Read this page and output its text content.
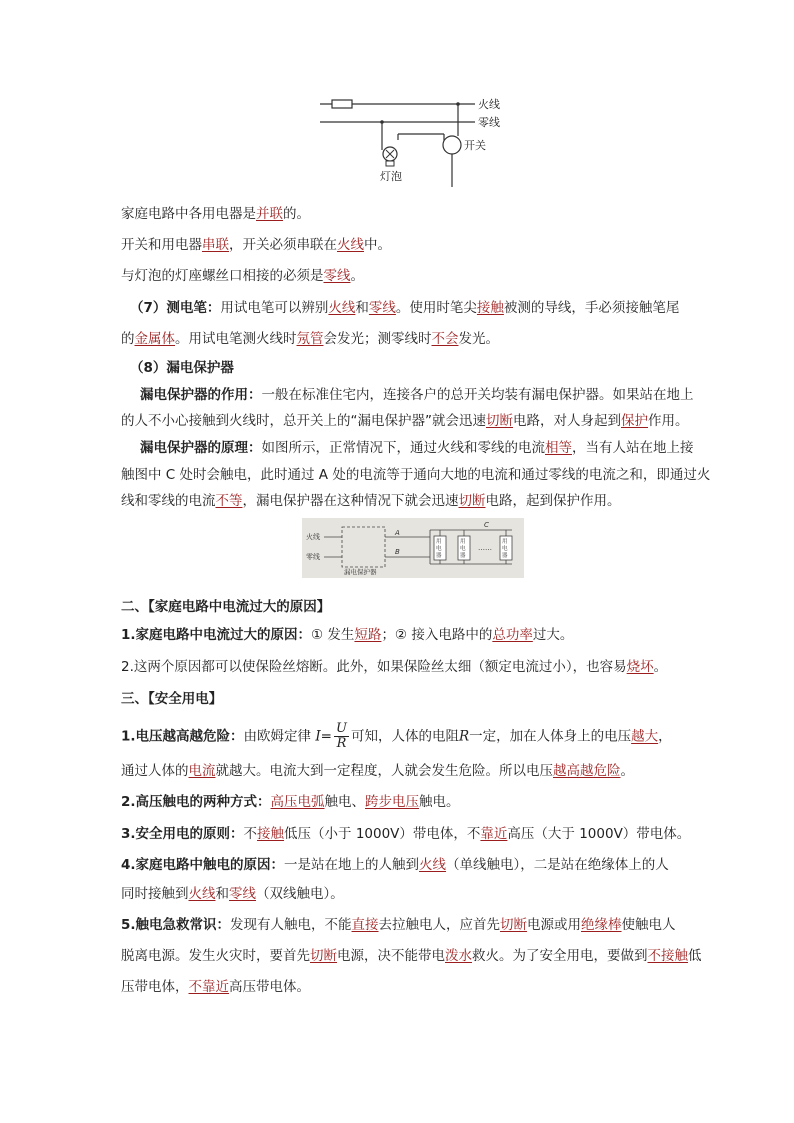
火线
零线
开关
灯泡
家庭电路中各用电器是并联的。
开关和用电器串联，开关必须串联在火线中。
与灯泡的灯座螺丝口相接的必须是零线。
（7）测电笔：用试电笔可以辨别火线和零线。使用时笔尖接触被测的导线，手必须接触笔尾
的金属体。用试电笔测火线时氖管会发光；测零线时不会发光。
（8）漏电保护器
漏电保护器的作用：一般在标准住宅内，连接各户的总开关均装有漏电保护器。如果站在地上
的人不小心接触到火线时，总开关上的“漏电保护器”就会迅速切断电路，对人身起到保护作用。
漏电保护器的原理：如图所示，正常情况下，通过火线和零线的电流相等，当有人站在地上接
触图中 C 处时会触电，此时通过 A 处的电流等于通向大地的电流和通过零线的电流之和，即通过火
线和零线的电流不等，漏电保护器在这种情况下就会迅速切断电路，起到保护作用。
火线
零线
漏电保护器
A
B
C
用
电
器
用
电
器
……
用
电
器
二、【家庭电路中电流过大的原因】
1.家庭电路中电流过大的原因：① 发生短路；② 接入电路中的总功率过大。
2.这两个原因都可以使保险丝熔断。此外，如果保险丝太细（额定电流过小），也容易烧坏。
三、【安全用电】
1.电压越高越危险：由欧姆定律 $I= \frac{U}{R}$ 可知，人体的电阻R一定，加在人体身上的电压越大，
通过人体的电流就越大。电流大到一定程度，人就会发生危险。所以电压越高越危险。
2.高压触电的两种方式：高压电弧触电、跨步电压触电。
3.安全用电的原则：不接触低压（小于 1000V）带电体，不靠近高压（大于 1000V）带电体。
4.家庭电路中触电的原因：一是站在地上的人触到火线（单线触电），二是站在绝缘体上的人
同时接触到火线和零线（双线触电）。
5.触电急救常识：发现有人触电，不能直接去拉触电人，应首先切断电源或用绝缘棒使触电人
脱离电源。发生火灾时，要首先切断电源，决不能带电泼水救火。为了安全用电，要做到不接触低
压带电体，不靠近高压带电体。
